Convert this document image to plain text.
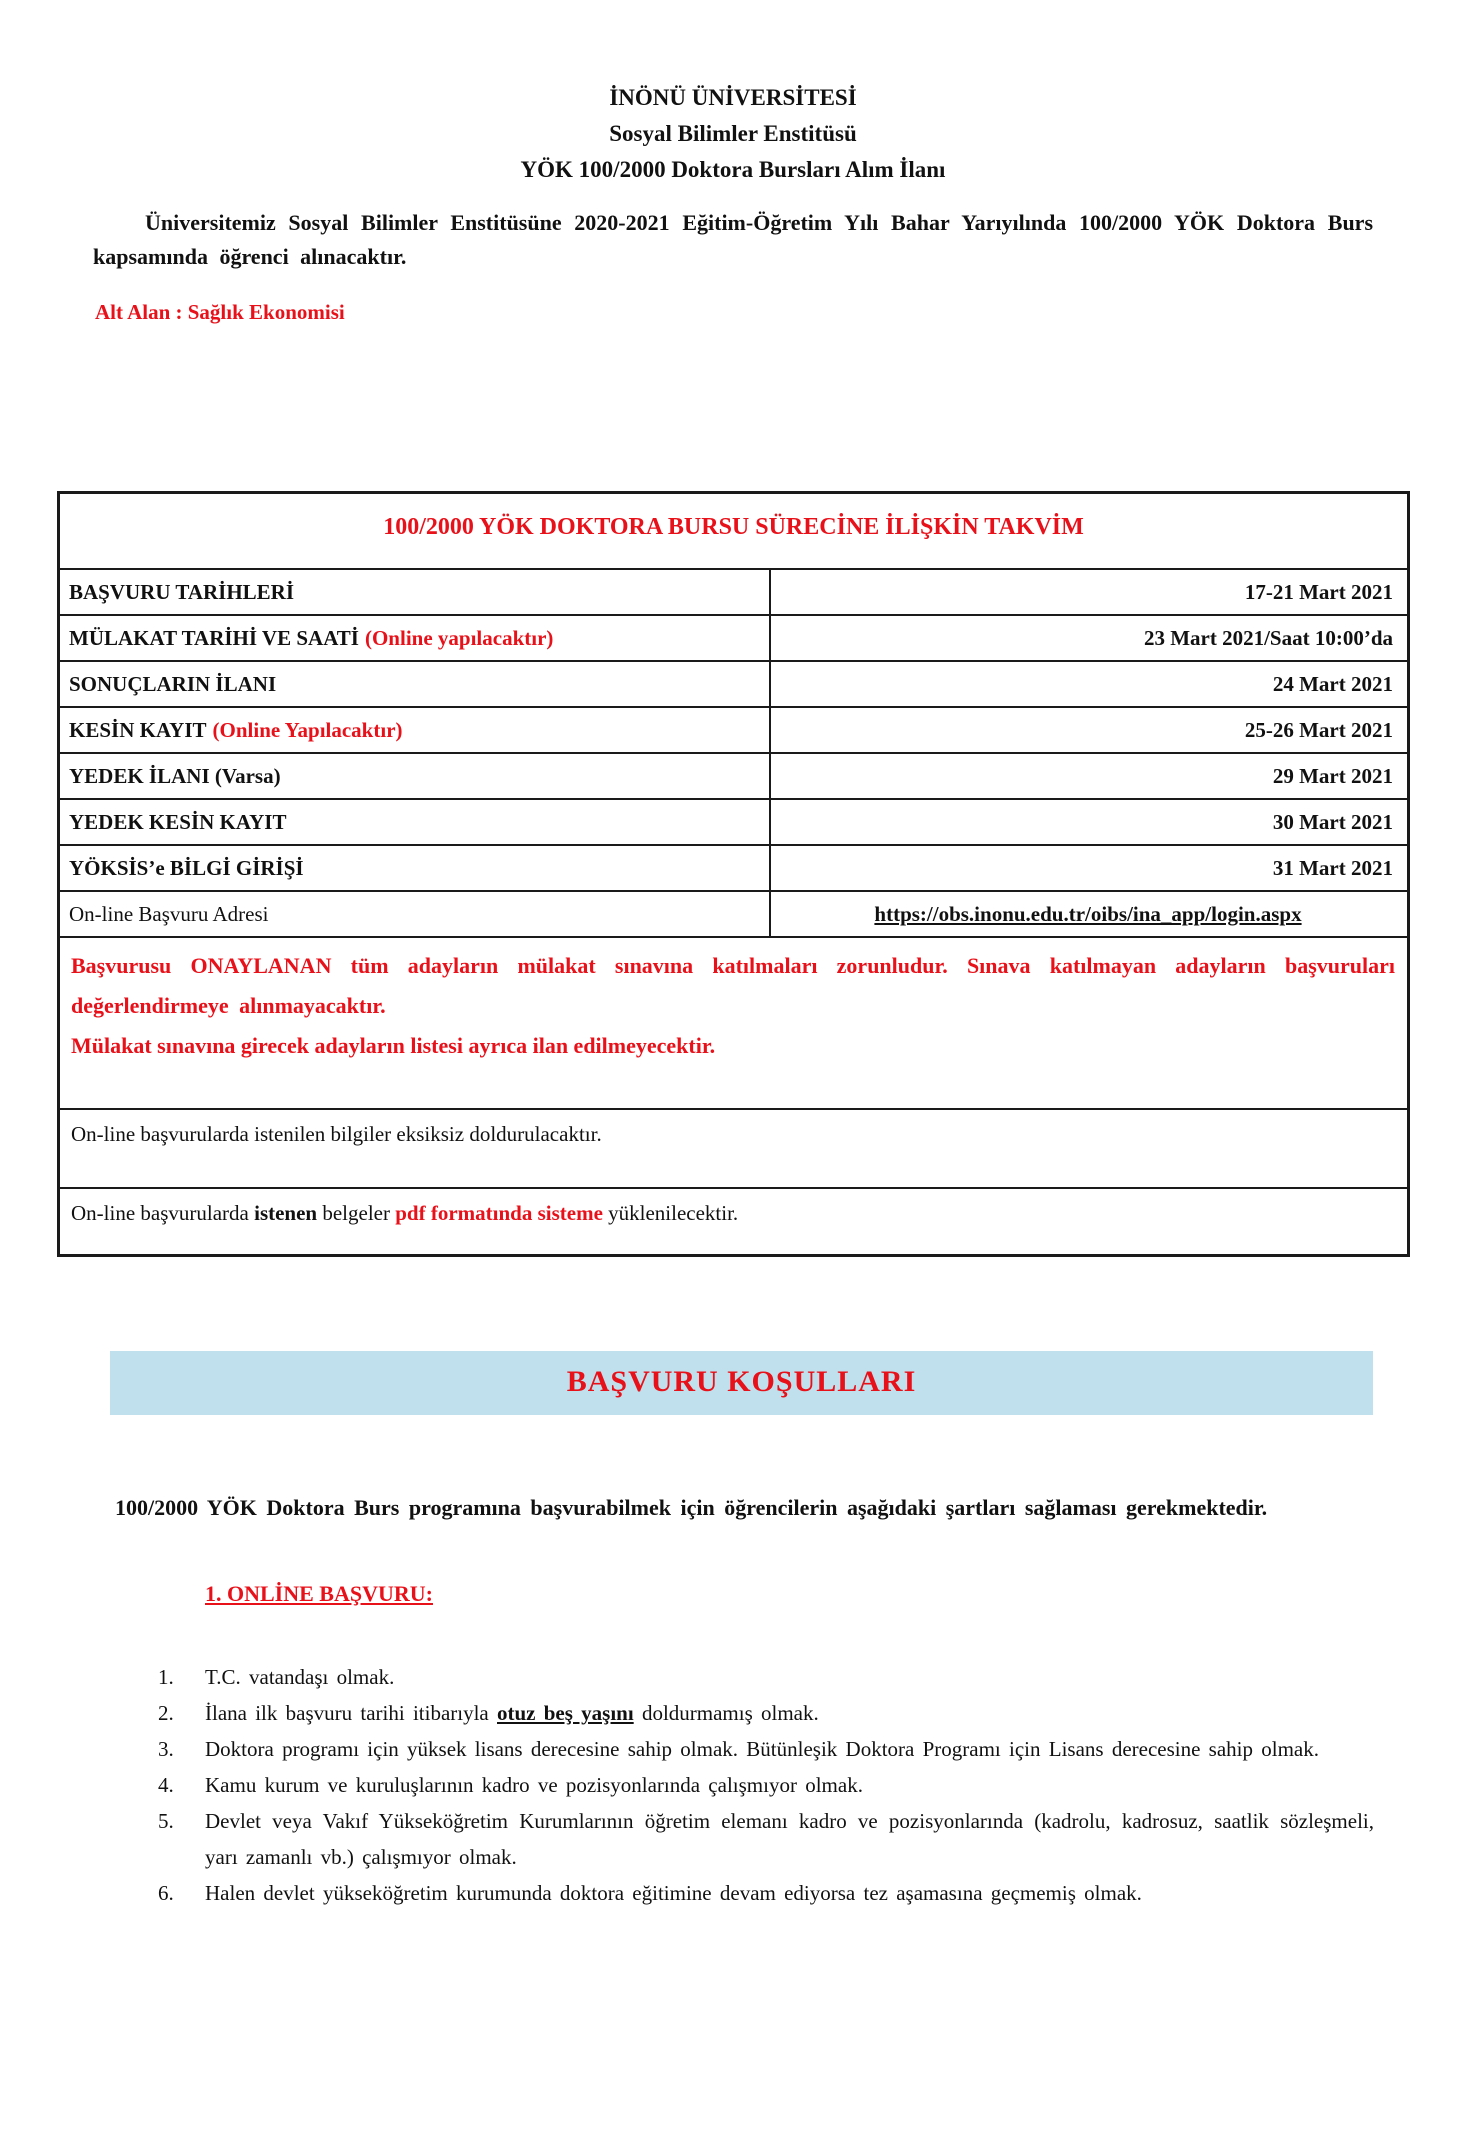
İNÖNÜ ÜNİVERSİTESİ
Sosyal Bilimler Enstitüsü
YÖK 100/2000 Doktora Bursları Alım İlanı

Üniversitemiz Sosyal Bilimler Enstitüsüne 2020-2021 Eğitim-Öğretim Yılı Bahar Yarıyılında 100/2000 YÖK Doktora Burs kapsamında öğrenci alınacaktır.

Alt Alan : Sağlık Ekonomisi

100/2000 YÖK DOKTORA BURSU SÜRECİNE İLİŞKİN TAKVİM
BAŞVURU TARİHLERİ	17-21 Mart 2021
MÜLAKAT TARİHİ VE SAATİ (Online yapılacaktır)	23 Mart 2021/Saat 10:00’da
SONUÇLARIN İLANI	24 Mart 2021
KESİN KAYIT (Online Yapılacaktır)	25-26 Mart 2021
YEDEK İLANI (Varsa)	29 Mart 2021
YEDEK KESİN KAYIT	30 Mart 2021
YÖKSİS’e BİLGİ GİRİŞİ	31 Mart 2021
On-line Başvuru Adresi	https://obs.inonu.edu.tr/oibs/ina_app/login.aspx

Başvurusu ONAYLANAN tüm adayların mülakat sınavına katılmaları zorunludur. Sınava katılmayan adayların başvuruları değerlendirmeye alınmayacaktır.

Mülakat sınavına girecek adayların listesi ayrıca ilan edilmeyecektir.

On-line başvurularda istenilen bilgiler eksiksiz doldurulacaktır.
On-line başvurularda istenen belgeler pdf formatında sisteme yüklenilecektir.
BAŞVURU KOŞULLARI

100/2000 YÖK Doktora Burs programına başvurabilmek için öğrencilerin aşağıdaki şartları sağlaması gerekmektedir.

1. ONLİNE BAŞVURU:
1.	T.C. vatandaşı olmak.
2.	İlana ilk başvuru tarihi itibarıyla otuz beş yaşını doldurmamış olmak.
3.	Doktora programı için yüksek lisans derecesine sahip olmak. Bütünleşik Doktora Programı için Lisans derecesine sahip olmak.
4.	Kamu kurum ve kuruluşlarının kadro ve pozisyonlarında çalışmıyor olmak.
5.	Devlet veya Vakıf Yükseköğretim Kurumlarının öğretim elemanı kadro ve pozisyonlarında (kadrolu, kadrosuz, saatlik sözleşmeli, yarı zamanlı vb.) çalışmıyor olmak.
6.	Halen devlet yükseköğretim kurumunda doktora eğitimine devam ediyorsa tez aşamasına geçmemiş olmak.
